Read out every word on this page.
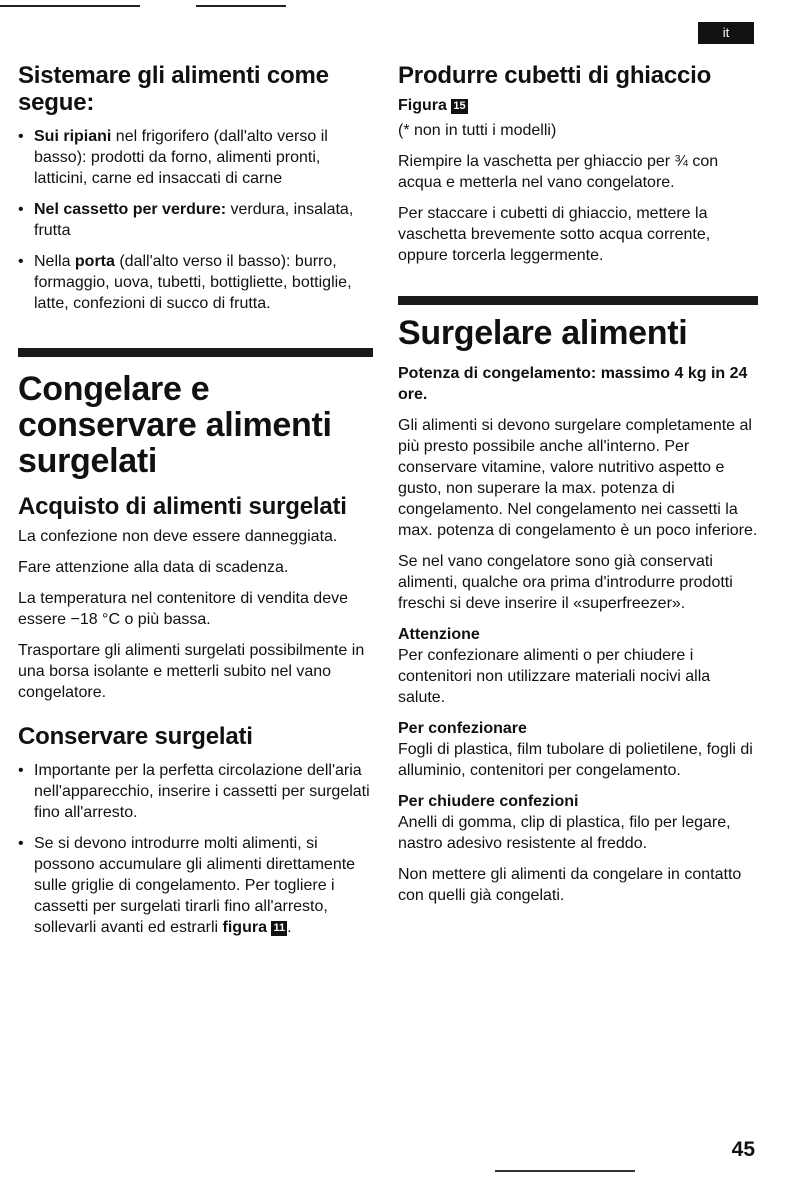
it
Sistemare gli alimenti come segue:
• Sui ripiani nel frigorifero (dall'alto verso il basso): prodotti da forno, alimenti pronti, latticini, carne ed insaccati di carne
• Nel cassetto per verdure: verdura, insalata, frutta
• Nella porta (dall'alto verso il basso): burro, formaggio, uova, tubetti, bottigliette, bottiglie, latte, confezioni di succo di frutta.
Congelare e conservare alimenti surgelati
Acquisto di alimenti surgelati

La confezione non deve essere danneggiata.

Fare attenzione alla data di scadenza.

La temperatura nel contenitore di vendita deve essere −18 °C o più bassa.

Trasportare gli alimenti surgelati possibilmente in una borsa isolante e metterli subito nel vano congelatore.

Conservare surgelati
• Importante per la perfetta circolazione dell'aria nell'apparecchio, inserire i cassetti per surgelati fino all'arresto.
• Se si devono introdurre molti alimenti, si possono accumulare gli alimenti direttamente sulle griglie di congelamento. Per togliere i cassetti per surgelati tirarli fino all'arresto, sollevarli avanti ed estrarli figura 11 .
Produrre cubetti di ghiaccio
Figura 15

(* non in tutti i modelli)

Riempire la vaschetta per ghiaccio per ¾ con acqua e metterla nel vano congelatore.

Per staccare i cubetti di ghiaccio, mettere la vaschetta brevemente sotto acqua corrente, oppure torcerla leggermente.

Surgelare alimenti
Potenza di congelamento: massimo 4 kg in 24 ore.

Gli alimenti si devono surgelare completamente al più presto possibile anche all'interno. Per conservare vitamine, valore nutritivo aspetto e gusto, non superare la max. potenza di congelamento. Nel congelamento nei cassetti la max. potenza di congelamento è un poco inferiore.

Se nel vano congelatore sono già conservati alimenti, qualche ora prima d'introdurre prodotti freschi si deve inserire il «superfreezer».

Attenzione

Per confezionare alimenti o per chiudere i contenitori non utilizzare materiali nocivi alla salute.

Per confezionare

Fogli di plastica, film tubolare di polietilene, fogli di alluminio, contenitori per congelamento.

Per chiudere confezioni

Anelli di gomma, clip di plastica, filo per legare, nastro adesivo resistente al freddo.

Non mettere gli alimenti da congelare in contatto con quelli già congelati.

45
